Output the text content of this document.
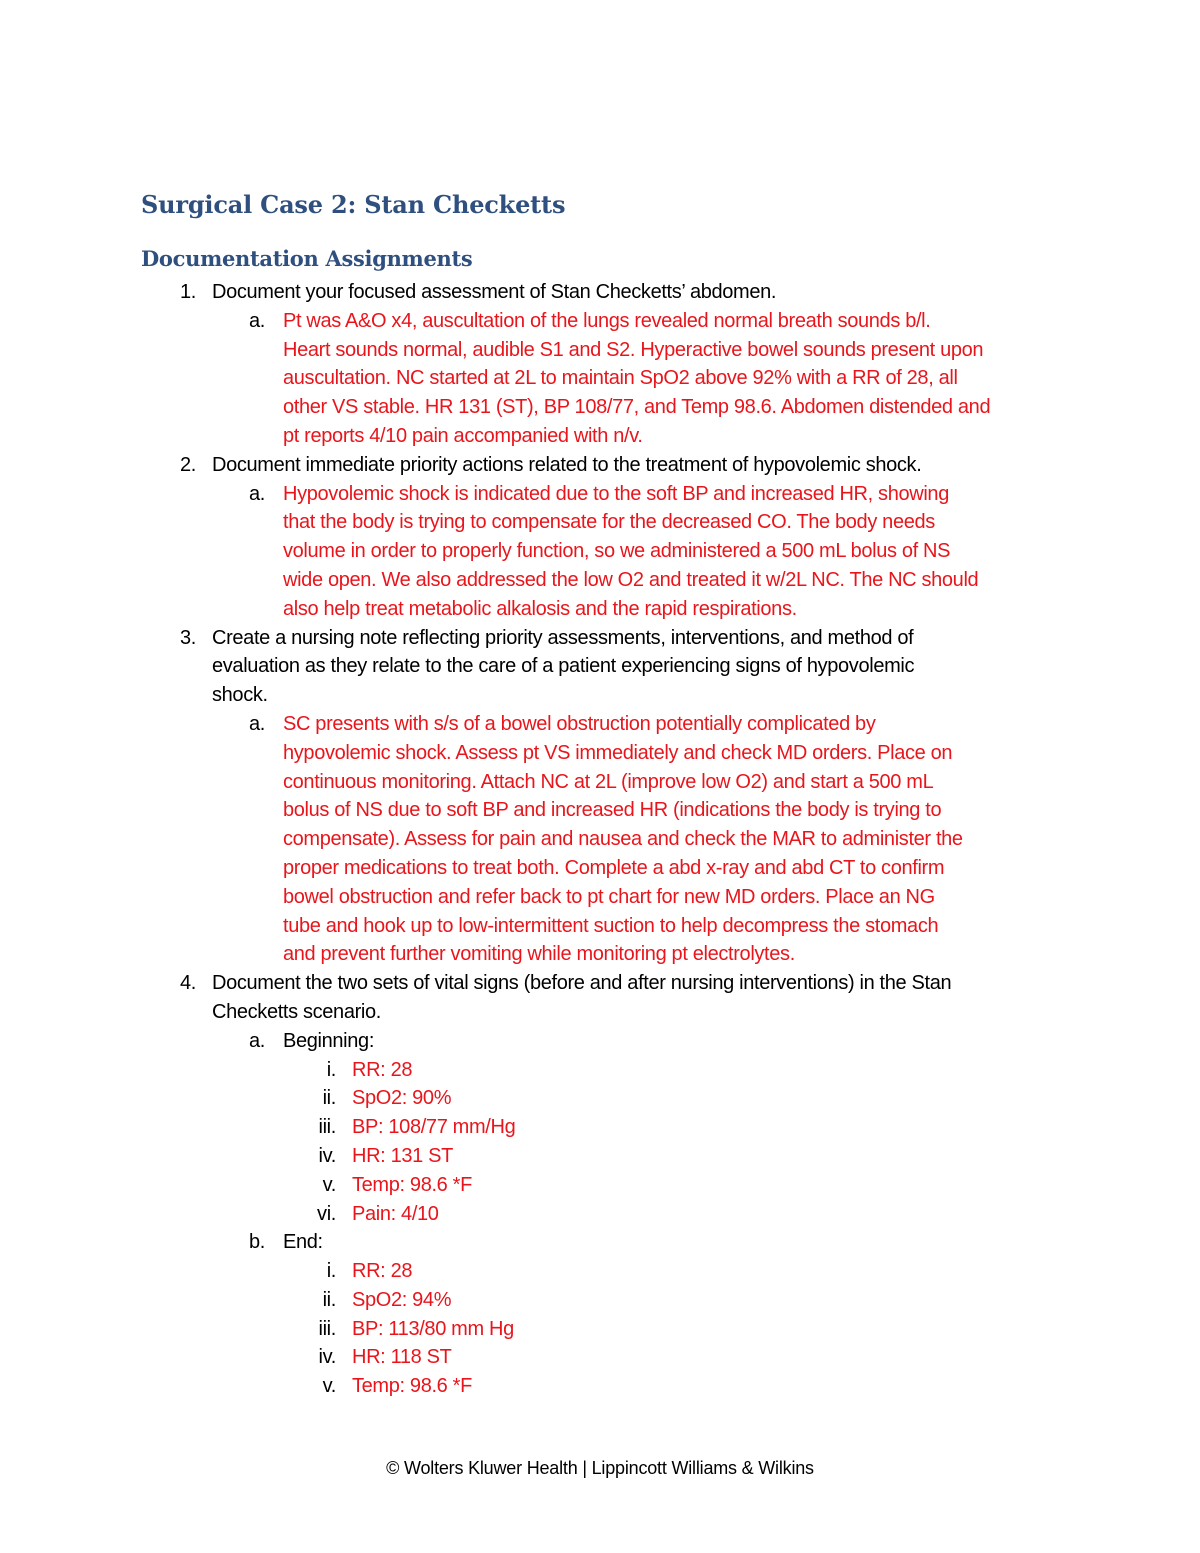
Surgical Case 2: Stan Checketts
Documentation Assignments
1. Document your focused assessment of Stan Checketts’ abdomen.
a. Pt was A&O x4, auscultation of the lungs revealed normal breath sounds b/l.
Heart sounds normal, audible S1 and S2. Hyperactive bowel sounds present upon
auscultation. NC started at 2L to maintain SpO2 above 92% with a RR of 28, all
other VS stable. HR 131 (ST), BP 108/77, and Temp 98.6. Abdomen distended and
pt reports 4/10 pain accompanied with n/v.
2. Document immediate priority actions related to the treatment of hypovolemic shock.
a. Hypovolemic shock is indicated due to the soft BP and increased HR, showing
that the body is trying to compensate for the decreased CO. The body needs
volume in order to properly function, so we administered a 500 mL bolus of NS
wide open. We also addressed the low O2 and treated it w/2L NC. The NC should
also help treat metabolic alkalosis and the rapid respirations.
3. Create a nursing note reflecting priority assessments, interventions, and method of
evaluation as they relate to the care of a patient experiencing signs of hypovolemic
shock.
a. SC presents with s/s of a bowel obstruction potentially complicated by
hypovolemic shock. Assess pt VS immediately and check MD orders. Place on
continuous monitoring. Attach NC at 2L (improve low O2) and start a 500 mL
bolus of NS due to soft BP and increased HR (indications the body is trying to
compensate). Assess for pain and nausea and check the MAR to administer the
proper medications to treat both. Complete a abd x-ray and abd CT to confirm
bowel obstruction and refer back to pt chart for new MD orders. Place an NG
tube and hook up to low-intermittent suction to help decompress the stomach
and prevent further vomiting while monitoring pt electrolytes.
4. Document the two sets of vital signs (before and after nursing interventions) in the Stan
Checketts scenario.
a. Beginning:
i. RR: 28
ii. SpO2: 90%
iii. BP: 108/77 mm/Hg
iv. HR: 131 ST
v. Temp: 98.6 *F
vi. Pain: 4/10
b. End:
i. RR: 28
ii. SpO2: 94%
iii. BP: 113/80 mm Hg
iv. HR: 118 ST
v. Temp: 98.6 *F
© Wolters Kluwer Health | Lippincott Williams & Wilkins
